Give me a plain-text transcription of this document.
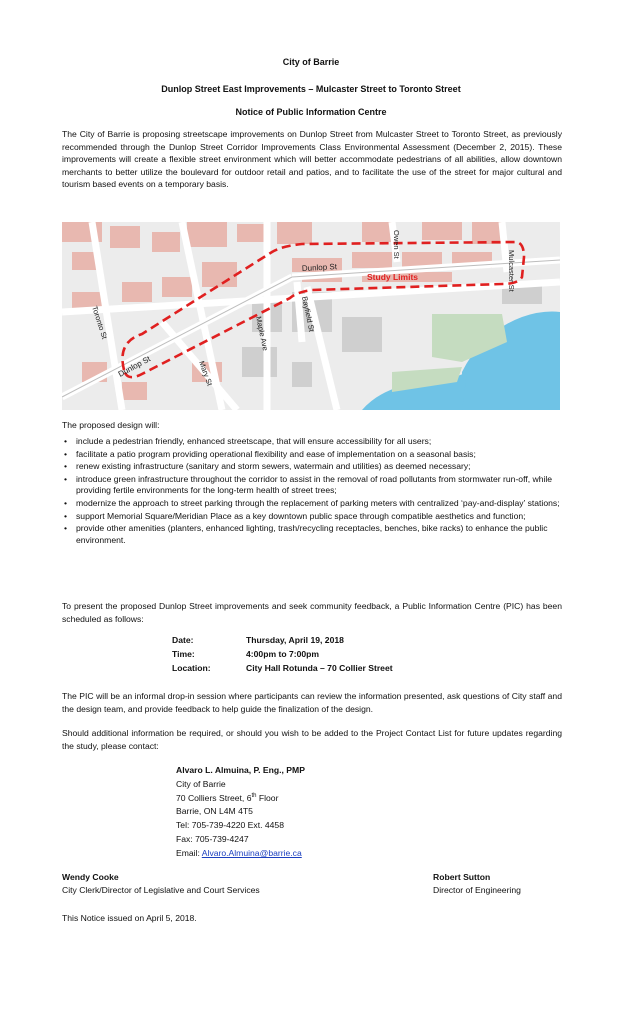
City of Barrie
Dunlop Street East Improvements – Mulcaster Street to Toronto Street
Notice of Public Information Centre

The City of Barrie is proposing streetscape improvements on Dunlop Street from Mulcaster Street to Toronto Street, as previously recommended through the Dunlop Street Corridor Improvements Class Environmental Assessment (December 2, 2015). These improvements will create a flexible street environment which will better accommodate pedestrians of all abilities, allow downtown merchants to better utilize the boulevard for outdoor retail and patios, and to facilitate the use of the street for major cultural and tourism based events on a temporary basis.

Dunlop St
Study Limits
Toronto St
Mulcaster St
Owen St
Bayfield St
Maple Ave
Mary St
Dunlop St

The proposed design will:

• include a pedestrian friendly, enhanced streetscape, that will ensure accessibility for all users;
• facilitate a patio program providing operational flexibility and ease of implementation on a seasonal basis;
• renew existing infrastructure (sanitary and storm sewers, watermain and utilities) as deemed necessary;
• introduce green infrastructure throughout the corridor to assist in the removal of road pollutants from stormwater run-off, while providing fertile environments for the long-term health of street trees;
• modernize the approach to street parking through the replacement of parking meters with centralized ‘pay-and-display’ stations;
• support Memorial Square/Meridian Place as a key downtown public space through compatible aesthetics and function;
• provide other amenities (planters, enhanced lighting, trash/recycling receptacles, benches, bike racks) to enhance the public environment.

To present the proposed Dunlop Street improvements and seek community feedback, a Public Information Centre (PIC) has been scheduled as follows:

Date:	Thursday, April 19, 2018
Time:	4:00pm to 7:00pm
Location:	City Hall Rotunda – 70 Collier Street

The PIC will be an informal drop-in session where participants can review the information presented, ask questions of City staff and the design team, and provide feedback to help guide the finalization of the design.

Should additional information be required, or should you wish to be added to the Project Contact List for future updates regarding the study, please contact:

Alvaro L. Almuina, P. Eng., PMP
City of Barrie
70 Colliers Street, 6th Floor
Barrie, ON L4M 4T5
Tel: 705-739-4220 Ext. 4458
Fax: 705-739-4247
Email: Alvaro.Almuina@barrie.ca
Wendy Cooke
City Clerk/Director of Legislative and Court Services
Robert Sutton
Director of Engineering
This Notice issued on April 5, 2018.
